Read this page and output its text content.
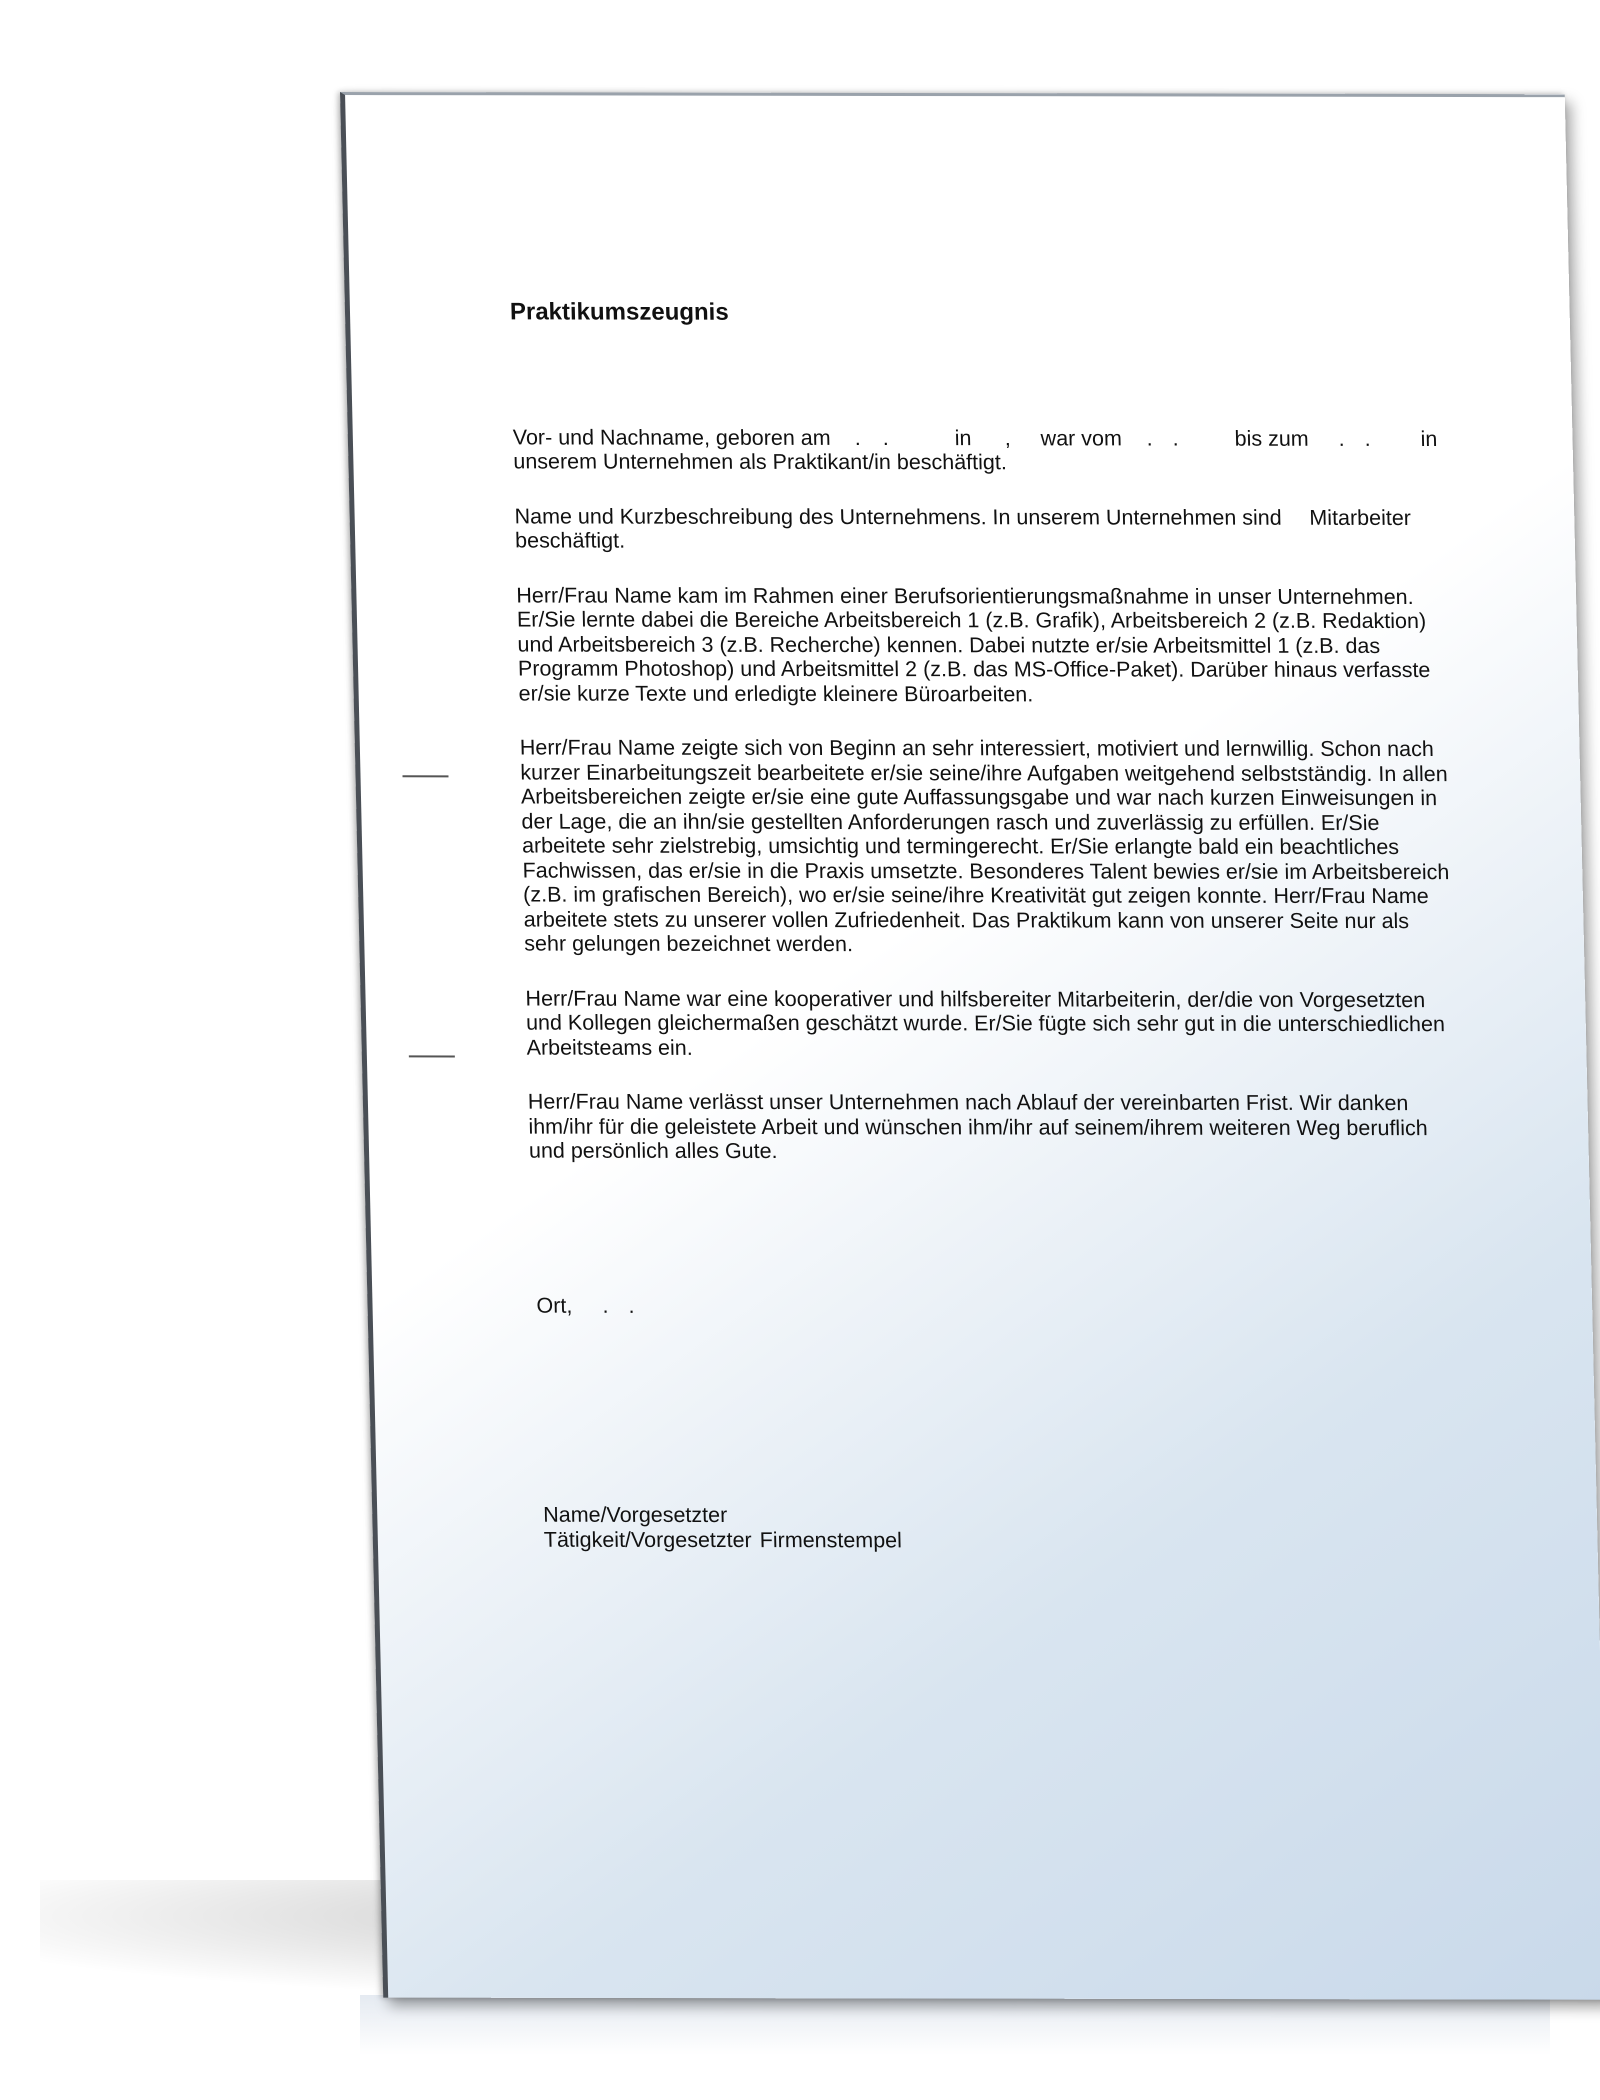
Praktikumszeugnis
Vor- und Nachname, geboren am . .	in , war vom . .	bis zum . . in
unserem Unternehmen als Praktikant/in beschäftigt.
Name und Kurzbeschreibung des Unternehmens. In unserem Unternehmen sind Mitarbeiter
beschäftigt.
Herr/Frau Name kam im Rahmen einer Berufsorientierungsmaßnahme in unser Unternehmen. Er/Sie lernte dabei die Bereiche Arbeitsbereich 1 (z.B. Grafik), Arbeitsbereich 2 (z.B. Redaktion) und Arbeitsbereich 3 (z.B. Recherche) kennen. Dabei nutzte er/sie Arbeitsmittel 1 (z.B. das Programm Photoshop) und Arbeitsmittel 2 (z.B. das MS-Office-Paket). Darüber hinaus verfasste er/sie kurze Texte und erledigte kleinere Büroarbeiten.
Herr/Frau Name zeigte sich von Beginn an sehr interessiert, motiviert und lernwillig. Schon nach kurzer Einarbeitungszeit bearbeitete er/sie seine/ihre Aufgaben weitgehend selbstständig. In allen Arbeitsbereichen zeigte er/sie eine gute Auffassungsgabe und war nach kurzen Einweisungen in der Lage, die an ihn/sie gestellten Anforderungen rasch und zuverlässig zu erfüllen. Er/Sie arbeitete sehr zielstrebig, umsichtig und termingerecht. Er/Sie erlangte bald ein beachtliches Fachwissen, das er/sie in die Praxis umsetzte. Besonderes Talent bewies er/sie im Arbeitsbereich (z.B. im grafischen Bereich), wo er/sie seine/ihre Kreativität gut zeigen konnte. Herr/Frau Name arbeitete stets zu unserer vollen Zufriedenheit. Das Praktikum kann von unserer Seite nur als sehr gelungen bezeichnet werden.
Herr/Frau Name war eine kooperativer und hilfsbereiter Mitarbeiterin, der/die von Vorgesetzten und Kollegen gleichermaßen geschätzt wurde. Er/Sie fügte sich sehr gut in die unterschiedlichen Arbeitsteams ein.
Herr/Frau Name verlässt unser Unternehmen nach Ablauf der vereinbarten Frist. Wir danken ihm/ihr für die geleistete Arbeit und wünschen ihm/ihr auf seinem/ihrem weiteren Weg beruflich und persönlich alles Gute.
Ort, . .
Name/Vorgesetzter
Tätigkeit/Vorgesetzter Firmenstempel
